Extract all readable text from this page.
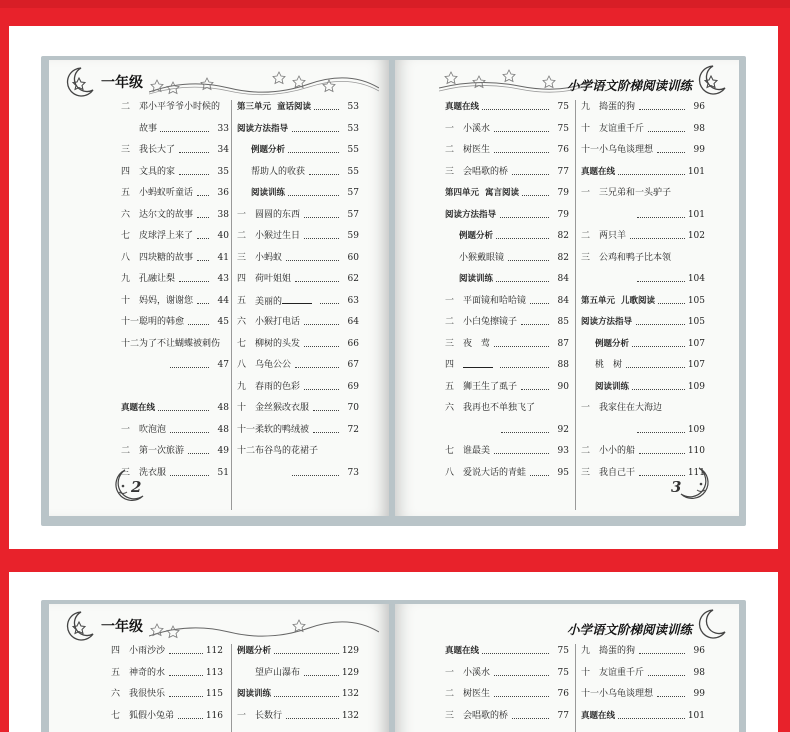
一年级
二 邓小平爷爷小时候的
故事	33
三 我长大了	34
四 文具的家	35
五 小蚂蚁听童话	36
六 达尔文的故事	38
七 皮球浮上来了	40
八 四块糖的故事	41
九 孔融让梨	43
十 妈妈，谢谢您	44
十一 聪明的韩愈	45
十二 为了不让蝴蝶被刺伤
47
真题在线	48
一 吹泡泡	48
二 第一次旅游	49
三 洗衣服	51
第三单元 童话阅读	53
阅读方法指导	53
例题分析	55
帮助人的收获	55
阅读训练	57
一 圆圆的东西	57
二 小猴过生日	59
三 小蚂蚁	60
四 荷叶姐姐	62
五 美丽的	63
六 小猴打电话	64
七 柳树的头发	66
八 乌龟公公	67
九 春雨的色彩	69
十 金丝猴改衣服	70
十一 柔软的鸭绒被	72
十二 布谷鸟的花裙子
73
2
小学语文阶梯阅读训练
真题在线	75
一 小溪水	75
二 树医生	76
三 会唱歌的桥	77
第四单元 寓言阅读	79
阅读方法指导	79
例题分析	82
小猴戴眼镜	82
阅读训练	84
一 平面镜和哈哈镜	84
二 小白兔擦镜子	85
三 夜　莺	87
四	88
五 狮王生了虱子	90
六 我再也不单独飞了
92
七 谁最美	93
八 爱说大话的青蛙	95
九 捣蛋的狗	96
十 友谊重千斤	98
十一 小乌龟谈理想	99
真题在线	101
一 三兄弟和一头驴子
101
二 两只羊	102
三 公鸡和鸭子比本领
104
第五单元 儿歌阅读	105
阅读方法指导	105
例题分析	107
桃　树	107
阅读训练	109
一 我家住在大海边
109
二 小小的船	110
三 我自己干	111
3
一年级
四 小雨沙沙	112
五 神奇的水	113
六 我很快乐	115
七 狐假小兔弟	116
例题分析	129
望庐山瀑布	129
阅读训练	132
一 长数行	132
小学语文阶梯阅读训练
真题在线	75
一 小溪水	75
二 树医生	76
三 会唱歌的桥	77
九 捣蛋的狗	96
十 友谊重千斤	98
十一 小乌龟谈理想	99
真题在线	101
